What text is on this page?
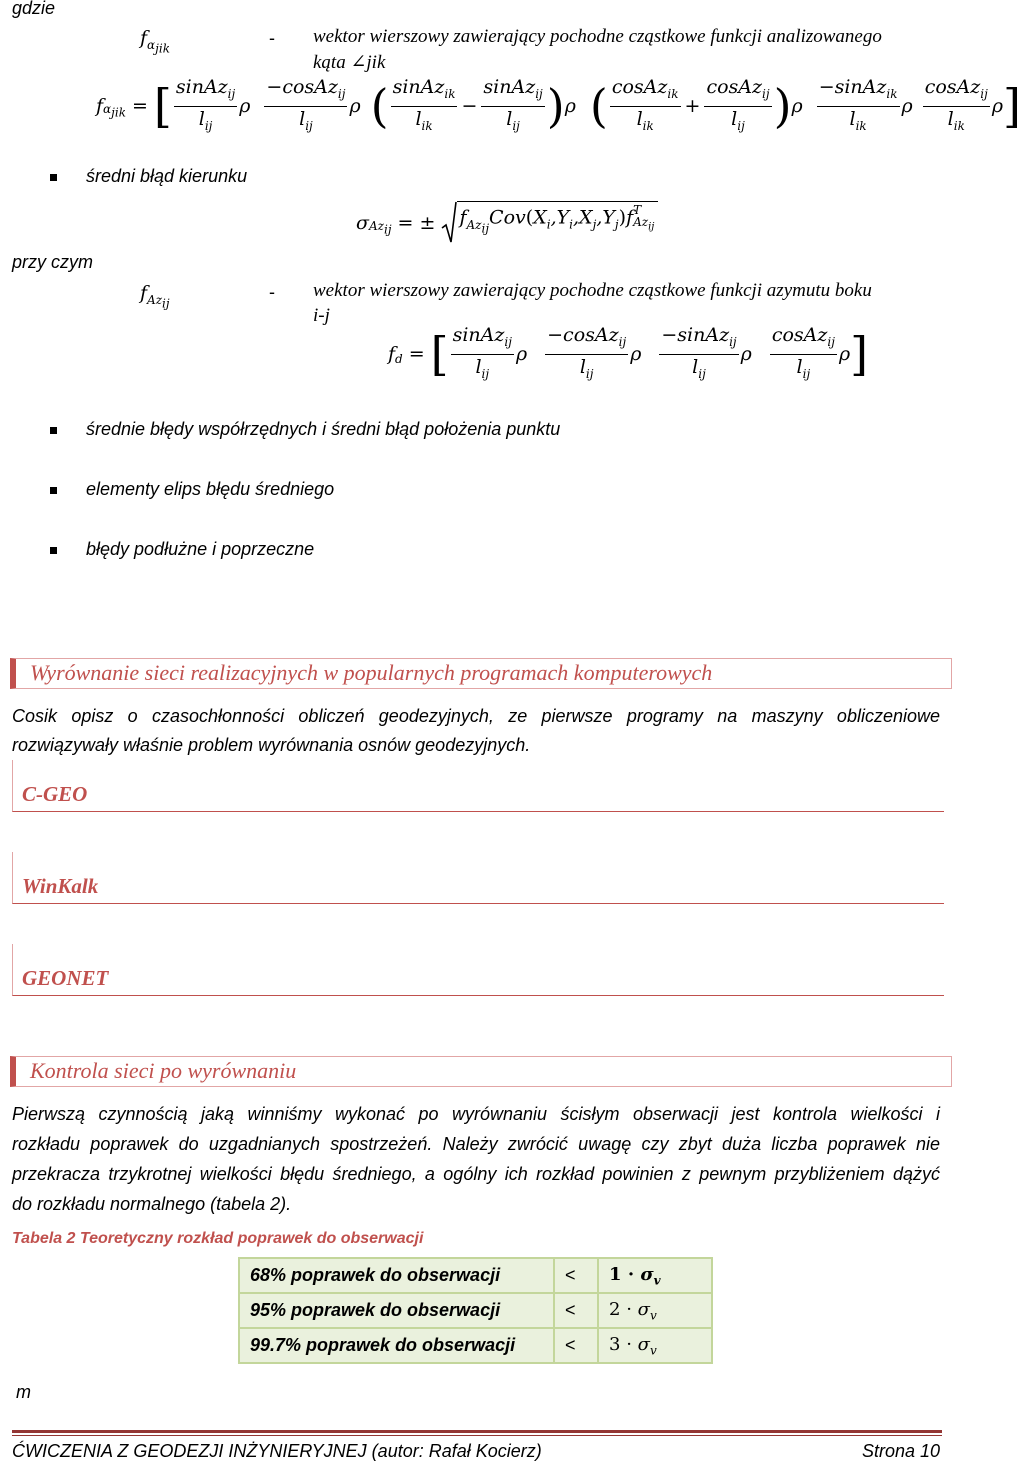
gdzie
$f_{\alpha_{jik}}$
- wektor wierszowy zawierający pochodne cząstkowe funkcji analizowanego
kąta ∠jik
f $_{\alpha_{jik}}$ = [ $\frac{sinAz_{ij}}{l_{ij}}$ ρ $\frac{-cosAz_{ij}}{l_{ij}}$ ρ ( $\frac{sinAz_{ik}}{l_{ik}} - \frac{sinAz_{ij}}{l_{ij}}$ ) ρ ( $\frac{cosAz_{ik}}{l_{ik}} + \frac{cosAz_{ij}}{l_{ij}}$ ) ρ $\frac{-sinAz_{ik}}{l_{ik}}$ ρ $\frac{cosAz_{ij}}{l_{ik}}$ ρ ]
średni błąd kierunku
σ $_{Az_{ij}}$ = ± $f_{Az_{ij}}Cov(X_i,Y_i,X_j,Y_j)f$ T
$Az_{ij}$
przy czym
$f_{Az_{ij}}$
- wektor wierszowy zawierający pochodne cząstkowe funkcji azymutu boku
i-j
$f_d$ = [ $\frac{sinAz_{ij}}{l_{ij}}$ ρ $\frac{-cosAz_{ij}}{l_{ij}}$ ρ $\frac{-sinAz_{ij}}{l_{ij}}$ ρ $\frac{cosAz_{ij}}{l_{ij}}$ ρ ]
średnie błędy współrzędnych i średni błąd położenia punktu
elementy elips błędu średniego
błędy podłużne i poprzeczne
Wyrównanie sieci realizacyjnych w popularnych programach komputerowych
Cosik opisz o czasochłonności obliczeń geodezyjnych, ze pierwsze programy na maszyny obliczeniowe
rozwiązywały właśnie problem wyrównania osnów geodezyjnych.
C-GEO
WinKalk
GEONET
Kontrola sieci po wyrównaniu
Pierwszą czynnością jaką winniśmy wykonać po wyrównaniu ścisłym obserwacji jest kontrola wielkości i
rozkładu poprawek do uzgadnianych spostrzeżeń. Należy zwrócić uwagę czy zbyt duża liczba poprawek nie
przekracza trzykrotnej wielkości błędu średniego, a ogólny ich rozkład powinien z pewnym przybliżeniem dążyć
do rozkładu normalnego (tabela 2).
Tabela 2 Teoretyczny rozkład poprawek do obserwacji
68% poprawek do obserwacji	<	$1 \cdot \sigma_v$
95% poprawek do obserwacji	<	$2 \cdot \sigma_v$
99.7% poprawek do obserwacji	<	$3 \cdot \sigma_v$
m
ĆWICZENIA Z GEODEZJI INŻYNIERYJNEJ (autor: Rafał Kocierz)	Strona 10
